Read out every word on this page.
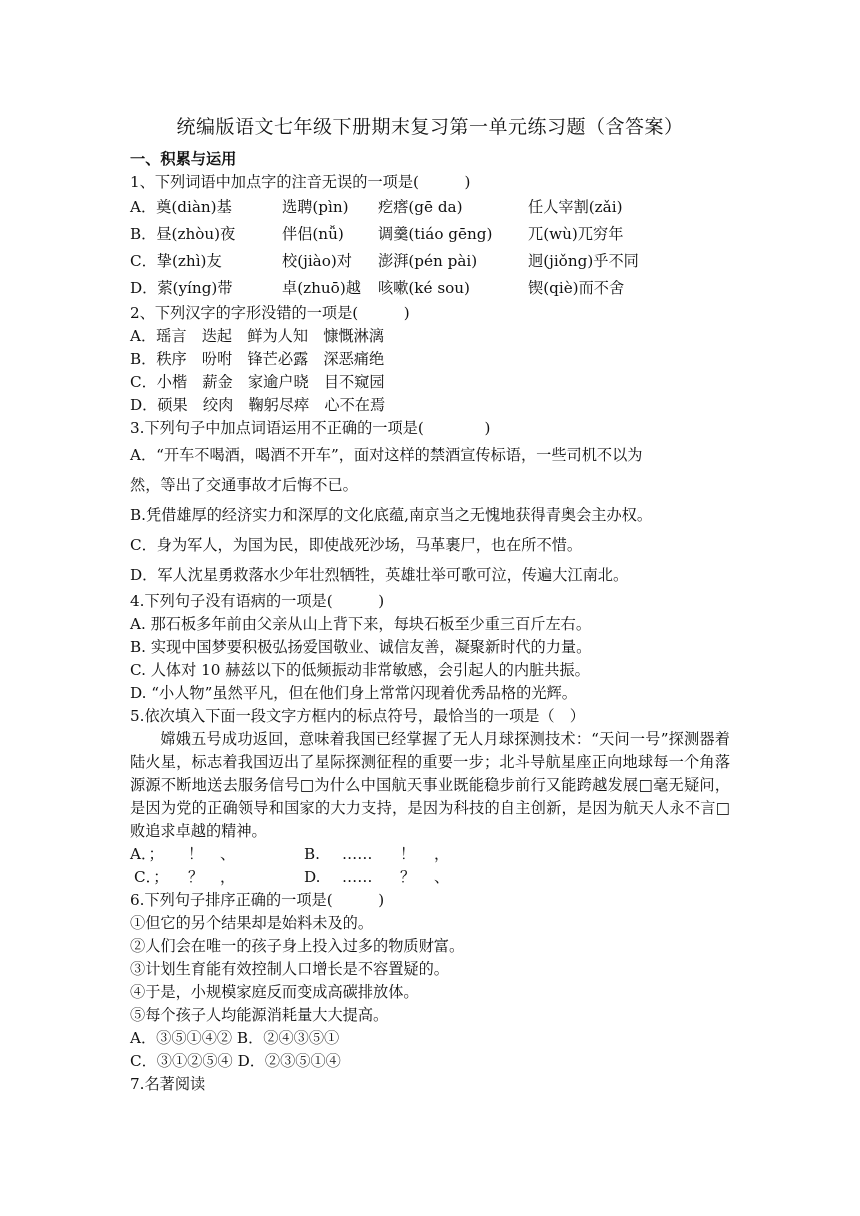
统编版语文七年级下册期末复习第一单元练习题（含答案）
一、积累与运用
1、下列词语中加点字的注音无误的一项是(　　　)
A．奠(diàn)基	选聘(pìn)	疙瘩(gē da)	任人宰割(zǎi)
B．昼(zhòu)夜	伴侣(nǚ)	调羹(tiáo gēng)	兀(wù)兀穷年
C．挚(zhì)友	校(jiào)对	澎湃(pén pài)	迥(jiǒng)乎不同
D．萦(yíng)带	卓(zhuō)越	咳嗽(ké sou)	锲(qiè)而不舍
2、下列汉字的字形没错的一项是(　　　)
A．瑶言　迭起　鲜为人知　慷慨淋漓
B．秩序　吩咐　锋芒必露　深恶痛绝
C．小楷　薪金　家逾户晓　目不窥园
D．硕果　绞肉　鞠躬尽瘁　心不在焉
3.下列句子中加点词语运用不正确的一项是(　　　　)
A．“开车不喝酒，喝酒不开车”，面对这样的禁酒宣传标语，一些司机不以为
然，等出了交通事故才后悔不已。
B.凭借雄厚的经济实力和深厚的文化底蕴,南京当之无愧地获得青奥会主办权。
C．身为军人，为国为民，即使战死沙场，马革裹尸，也在所不惜。
D．军人沈星勇救落水少年壮烈牺牲，英雄壮举可歌可泣，传遍大江南北。
4.下列句子没有语病的一项是(　　　)
A. 那石板多年前由父亲从山上背下来，每块石板至少重三百斤左右。
B. 实现中国梦要积极弘扬爱国敬业、诚信友善，凝聚新时代的力量。
C. 人体对 10 赫兹以下的低频振动非常敏感，会引起人的内脏共振。
D. “小人物”虽然平凡，但在他们身上常常闪现着优秀品格的光辉。
5.依次填入下面一段文字方框内的标点符号，最恰当的一项是（　）
嫦娥五号成功返回，意味着我国已经掌握了无人月球探测技术：“天问一号”探测器着陆火星，标志着我国迈出了星际探测征程的重要一步；北斗导航星座正向地球每一个角落源源不断地送去服务信号□为什么中国航天事业既能稳步前行又能跨越发展□毫无疑问，是因为党的正确领导和国家的大力支持，是因为科技的自主创新，是因为航天人永不言□败追求卓越的精神。
A．；	！	、	B.	……	！	，
C．；	？	，	D.	……	？	、
6.下列句子排序正确的一项是(　　　)
①但它的另个结果却是始料未及的。
②人们会在唯一的孩子身上投入过多的物质财富。
③计划生育能有效控制人口增长是不容置疑的。
④于是，小规模家庭反而变成高碳排放体。
⑤每个孩子人均能源消耗量大大提高。
A．③⑤①④② B．②④③⑤①
C．③①②⑤④ D．②③⑤①④
7.名著阅读
